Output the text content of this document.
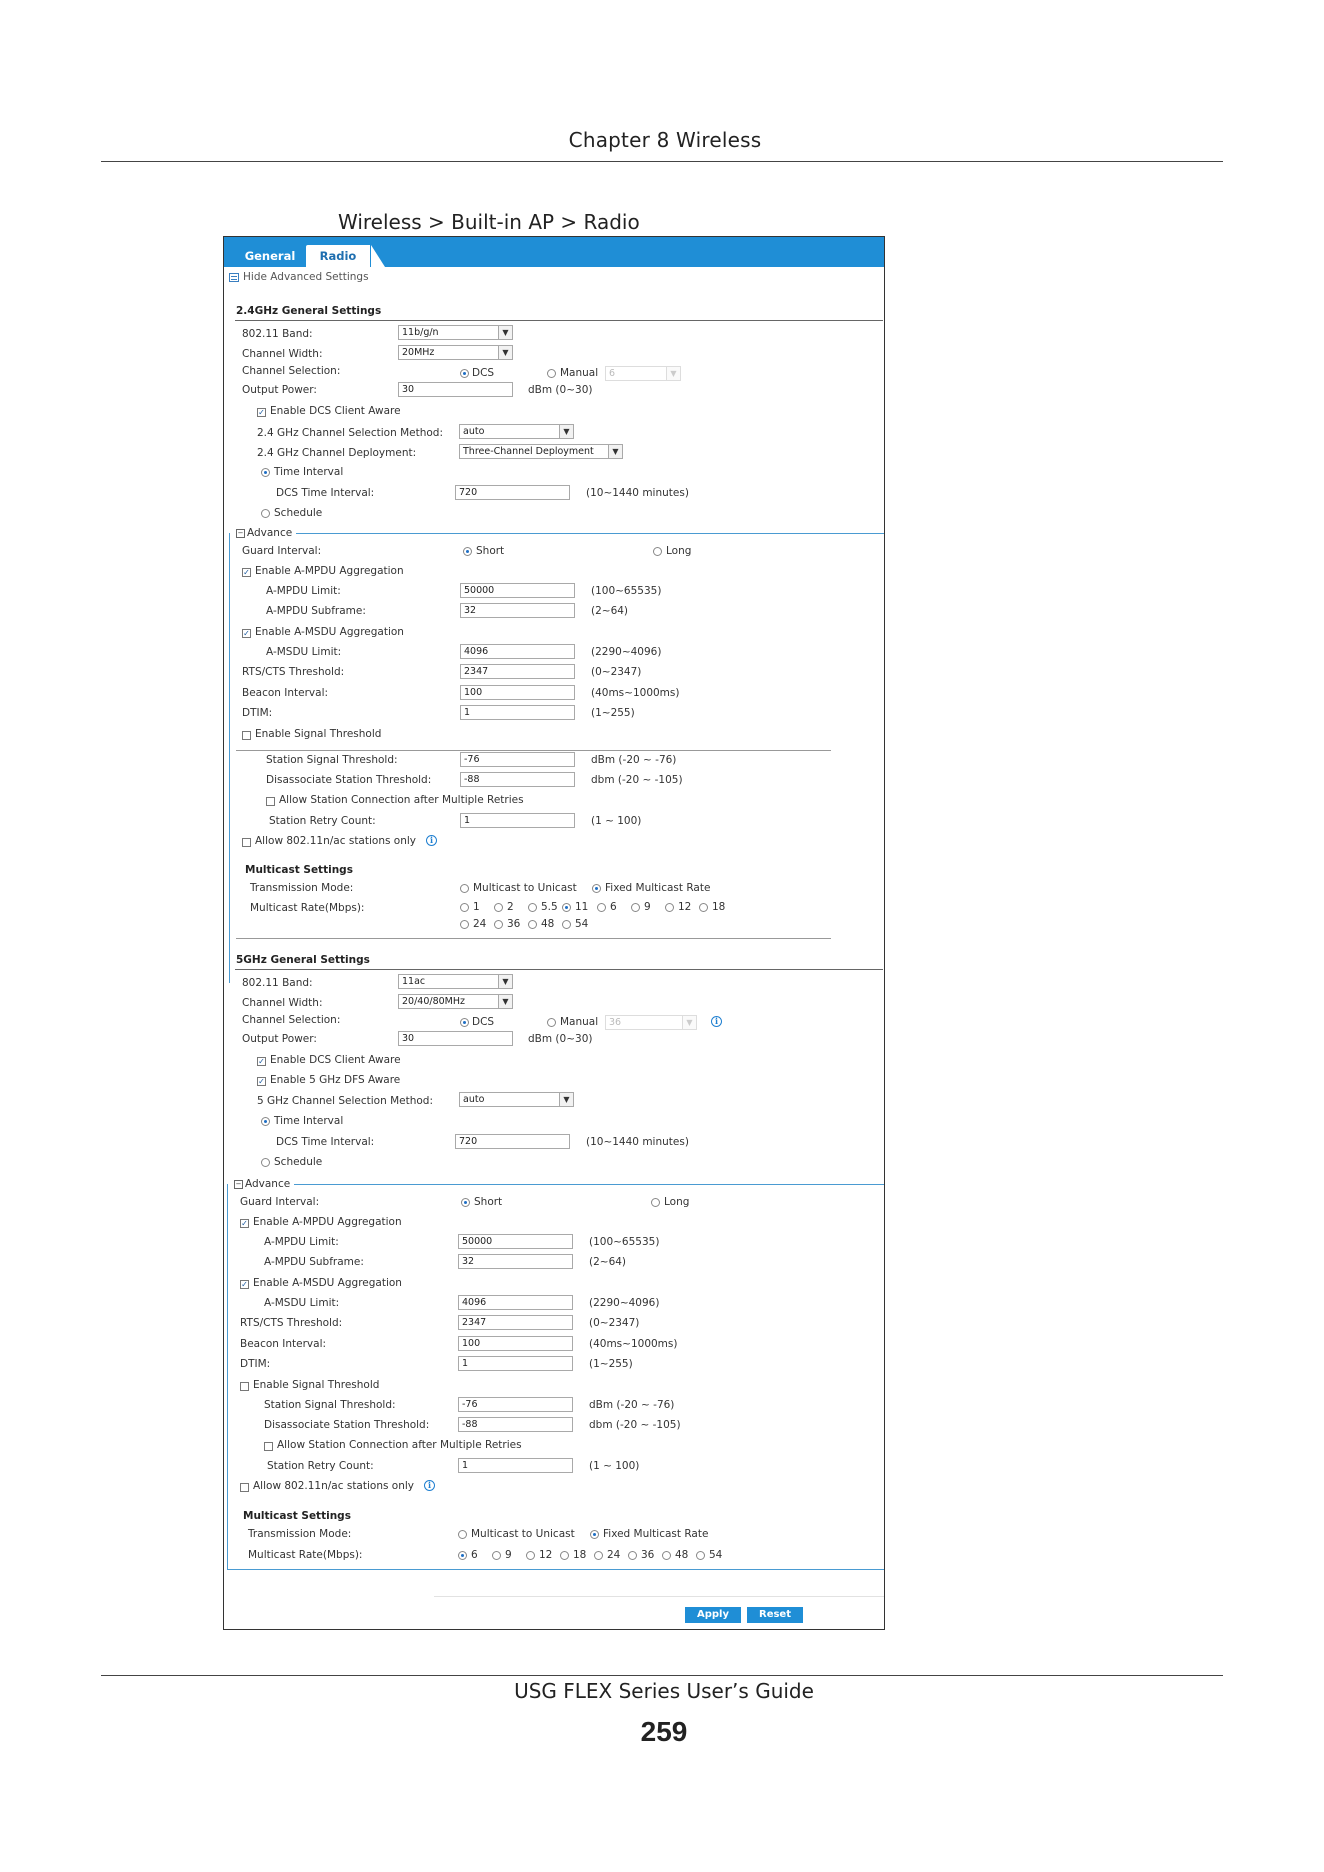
Chapter 8 Wireless
Wireless > Built-in AP > Radio
General	Radio
Hide Advanced Settings
2.4GHz General Settings
802.11 Band:	11b/g/n	▼
Channel Width:	20MHz	▼
Channel Selection:	DCS	Manual	6	▼
Output Power:	30	dBm (0~30)
✓ Enable DCS Client Aware
2.4 GHz Channel Selection Method:	auto	▼
2.4 GHz Channel Deployment:	Three-Channel Deployment	▼
Time Interval
DCS Time Interval:	720	(10~1440 minutes)
Schedule
− Advance
Guard Interval:	Short	Long
✓ Enable A-MPDU Aggregation
A-MPDU Limit:	50000	(100~65535)
A-MPDU Subframe:	32	(2~64)
✓ Enable A-MSDU Aggregation
A-MSDU Limit:	4096	(2290~4096)
RTS/CTS Threshold:	2347	(0~2347)
Beacon Interval:	100	(40ms~1000ms)
DTIM:	1	(1~255)
Enable Signal Threshold
Station Signal Threshold:	-76	dBm (-20 ~ -76)
Disassociate Station Threshold:	-88	dbm (-20 ~ -105)
Allow Station Connection after Multiple Retries
Station Retry Count:	1	(1 ~ 100)
Allow 802.11n/ac stations only	i
Multicast Settings
Transmission Mode:	Multicast to Unicast	Fixed Multicast Rate
Multicast Rate(Mbps):	1	2	5.5 11 6	9	12 18
24 36 48 54
5GHz General Settings
802.11 Band:	11ac	▼
Channel Width:	20/40/80MHz	▼
Channel Selection:	DCS	Manual	36	▼	i
Output Power:	30	dBm (0~30)
✓ Enable DCS Client Aware
✓ Enable 5 GHz DFS Aware
5 GHz Channel Selection Method:	auto	▼
Time Interval
DCS Time Interval:	720	(10~1440 minutes)
Schedule
− Advance
Guard Interval:	Short	Long
✓ Enable A-MPDU Aggregation
A-MPDU Limit:	50000	(100~65535)
A-MPDU Subframe:	32	(2~64)
✓ Enable A-MSDU Aggregation
A-MSDU Limit:	4096	(2290~4096)
RTS/CTS Threshold:	2347	(0~2347)
Beacon Interval:	100	(40ms~1000ms)
DTIM:	1	(1~255)
Enable Signal Threshold
Station Signal Threshold:	-76	dBm (-20 ~ -76)
Disassociate Station Threshold:	-88	dbm (-20 ~ -105)
Allow Station Connection after Multiple Retries
Station Retry Count:	1	(1 ~ 100)
Allow 802.11n/ac stations only	i
Multicast Settings
Transmission Mode:	Multicast to Unicast	Fixed Multicast Rate
Multicast Rate(Mbps):	6	9	12 18 24 36 48 54
Apply	Reset
USG FLEX Series User’s Guide
259
